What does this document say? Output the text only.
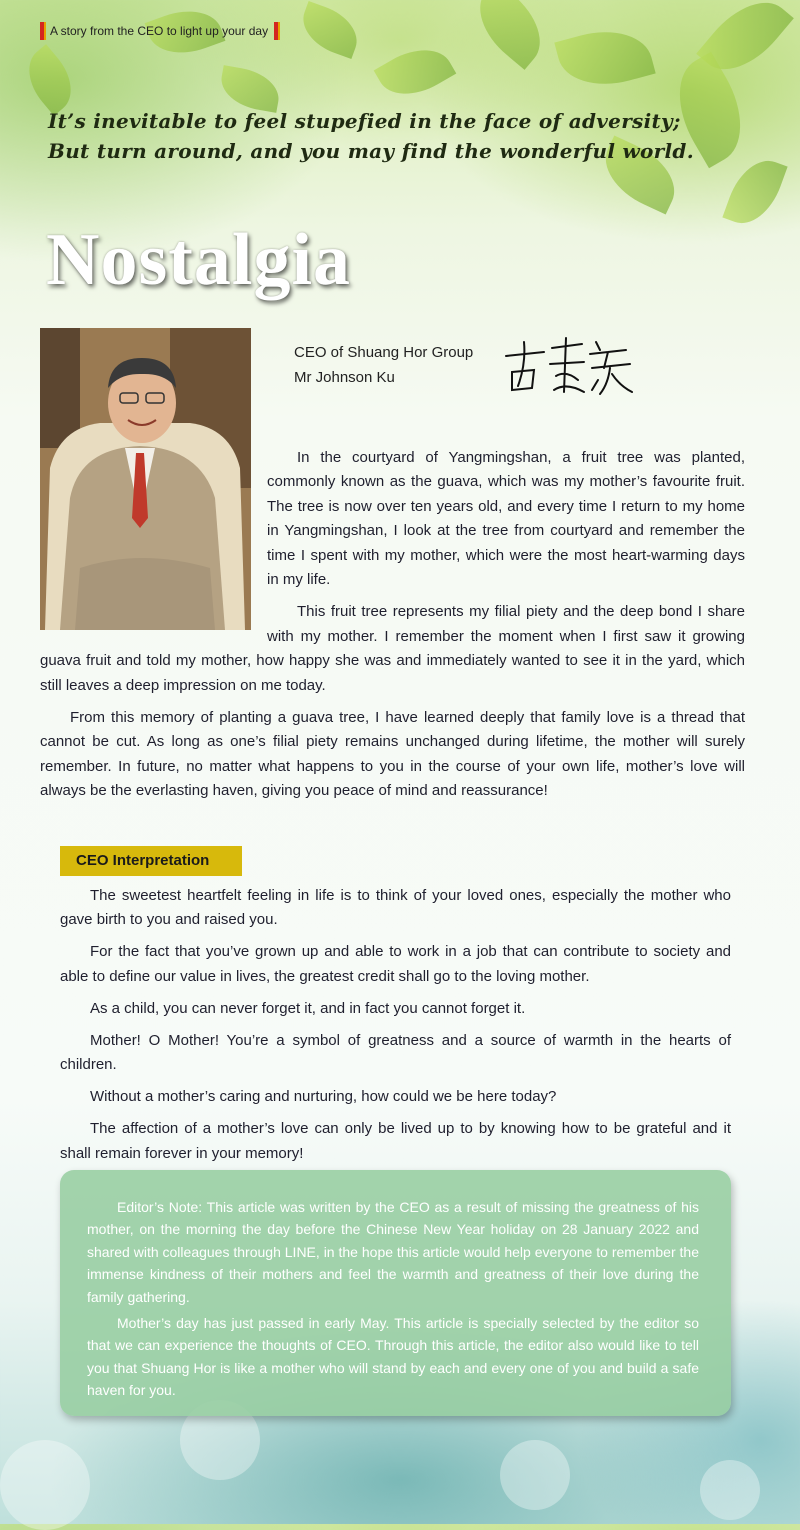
A story from the CEO to light up your day
It’s inevitable to feel stupefied in the face of adversity;
But turn around, and you may find the wonderful world.
Nostalgia
CEO of Shuang Hor Group
Mr Johnson Ku

In the courtyard of Yangmingshan, a fruit tree was planted, commonly known as the guava, which was my mother’s favourite fruit. The tree is now over ten years old, and every time I return to my home in Yangmingshan, I look at the tree from courtyard and remember the time I spent with my mother, which were the most heart-warming days in my life.

This fruit tree represents my filial piety and the deep bond I share with my mother. I remember the moment when I first saw it growing guava fruit and told my mother, how happy she was and immediately wanted to see it in the yard, which still leaves a deep impression on me today.

From this memory of planting a guava tree, I have learned deeply that family love is a thread that cannot be cut. As long as one’s filial piety remains unchanged during lifetime, the mother will surely remember. In future, no matter what happens to you in the course of your own life, mother’s love will always be the everlasting haven, giving you peace of mind and reassurance!

CEO Interpretation

The sweetest heartfelt feeling in life is to think of your loved ones, especially the mother who gave birth to you and raised you.

For the fact that you’ve grown up and able to work in a job that can contribute to society and able to define our value in lives, the greatest credit shall go to the loving mother.

As a child, you can never forget it, and in fact you cannot forget it.

Mother! O Mother! You’re a symbol of greatness and a source of warmth in the hearts of children.

Without a mother’s caring and nurturing, how could we be here today?

The affection of a mother’s love can only be lived up to by knowing how to be grateful and it shall remain forever in your memory!

Editor’s Note: This article was written by the CEO as a result of missing the greatness of his mother, on the morning the day before the Chinese New Year holiday on 28 January 2022 and shared with colleagues through LINE, in the hope this article would help everyone to remember the immense kindness of their mothers and feel the warmth and greatness of their love during the family gathering.

Mother’s day has just passed in early May. This article is specially selected by the editor so that we can experience the thoughts of CEO. Through this article, the editor also would like to tell you that Shuang Hor is like a mother who will stand by each and every one of you and build a safe haven for you.
